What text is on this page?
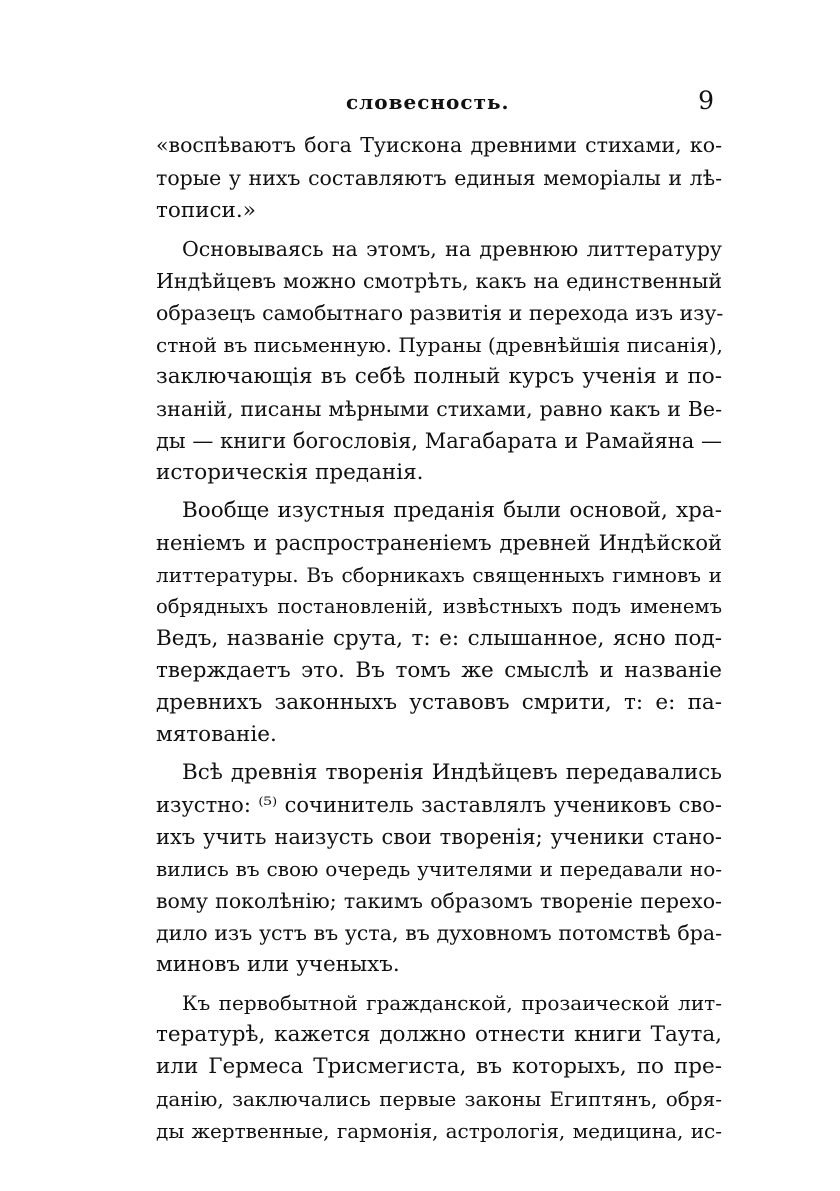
словесность.	9
«воспѣваютъ бога Туискона древними стихами, ко-
торые у нихъ составляютъ единыя меморіалы и лѣ-
тописи.»
Основываясь на этомъ, на древнюю литтературу
Индѣйцевъ можно смотрѣть, какъ на единственный
образецъ самобытнаго развитія и перехода изъ изу-
стной въ письменную. Пураны (древнѣйшія писанія),
заключающія въ себѣ полный курсъ ученія и по-
знаній, писаны мѣрными стихами, равно какъ и Ве-
ды — книги богословія, Магабарата и Рамайяна —
историческія преданія.
Вообще изустныя преданія были основой, хра-
неніемъ и распространеніемъ древней Индѣйской
литтературы. Въ сборникахъ священныхъ гимновъ и
обрядныхъ постановленій, извѣстныхъ подъ именемъ
Ведъ, названіе срута, т: е: слышанное, ясно под-
тверждаетъ это. Въ томъ же смыслѣ и названіе
древнихъ законныхъ уставовъ смрити, т: е: па-
мятованіе.
Всѣ древнія творенія Индѣйцевъ передавались
изустно: ⁽⁵⁾ сочинитель заставлялъ учениковъ сво-
ихъ учить наизусть свои творенія; ученики стано-
вились въ свою очередь учителями и передавали но-
вому поколѣнію; такимъ образомъ твореніе перехо-
дило изъ устъ въ уста, въ духовномъ потомствѣ бра-
миновъ или ученыхъ.
Къ первобытной гражданской, прозаической лит-
тературѣ, кажется должно отнести книги Таута,
или Гермеса Трисмегиста, въ которыхъ, по пре-
данію, заключались первые законы Египтянъ, обря-
ды жертвенные, гармонія, астрологія, медицина, ис-
